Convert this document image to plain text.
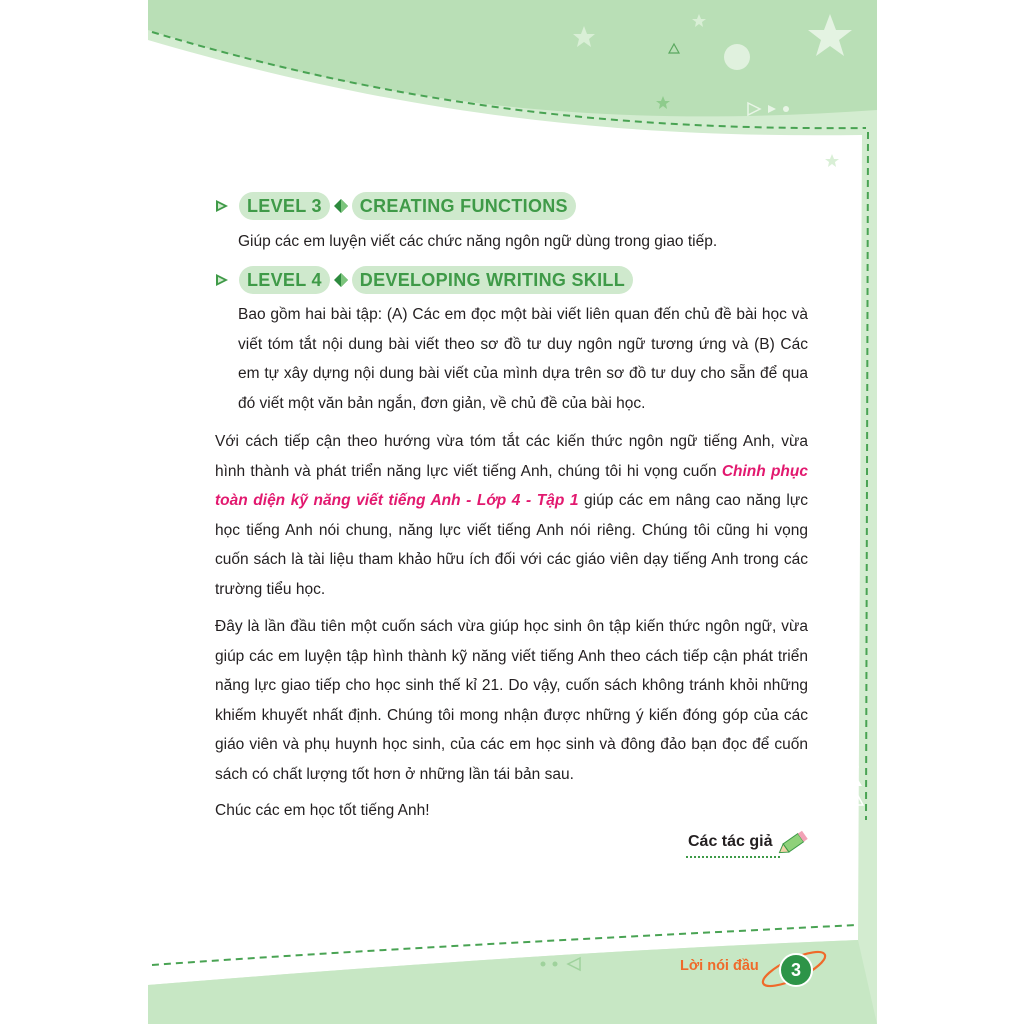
LEVEL 3	CREATING FUNCTIONS

Giúp các em luyện viết các chức năng ngôn ngữ dùng trong giao tiếp.

LEVEL 4	DEVELOPING WRITING SKILL

Bao gồm hai bài tập: (A) Các em đọc một bài viết liên quan đến chủ đề bài học và viết tóm tắt nội dung bài viết theo sơ đồ tư duy ngôn ngữ tương ứng và (B) Các em tự xây dựng nội dung bài viết của mình dựa trên sơ đồ tư duy cho sẵn để qua đó viết một văn bản ngắn, đơn giản, về chủ đề của bài học.

Với cách tiếp cận theo hướng vừa tóm tắt các kiến thức ngôn ngữ tiếng Anh, vừa hình thành và phát triển năng lực viết tiếng Anh, chúng tôi hi vọng cuốn Chinh phục toàn diện kỹ năng viết tiếng Anh - Lớp 4 - Tập 1 giúp các em nâng cao năng lực học tiếng Anh nói chung, năng lực viết tiếng Anh nói riêng. Chúng tôi cũng hi vọng cuốn sách là tài liệu tham khảo hữu ích đối với các giáo viên dạy tiếng Anh trong các trường tiểu học.

Đây là lần đầu tiên một cuốn sách vừa giúp học sinh ôn tập kiến thức ngôn ngữ, vừa giúp các em luyện tập hình thành kỹ năng viết tiếng Anh theo cách tiếp cận phát triển năng lực giao tiếp cho học sinh thế kỉ 21. Do vậy, cuốn sách không tránh khỏi những khiếm khuyết nhất định. Chúng tôi mong nhận được những ý kiến đóng góp của các giáo viên và phụ huynh học sinh, của các em học sinh và đông đảo bạn đọc để cuốn sách có chất lượng tốt hơn ở những lần tái bản sau.

Chúc các em học tốt tiếng Anh!

Các tác giả
Lời nói đầu	3
